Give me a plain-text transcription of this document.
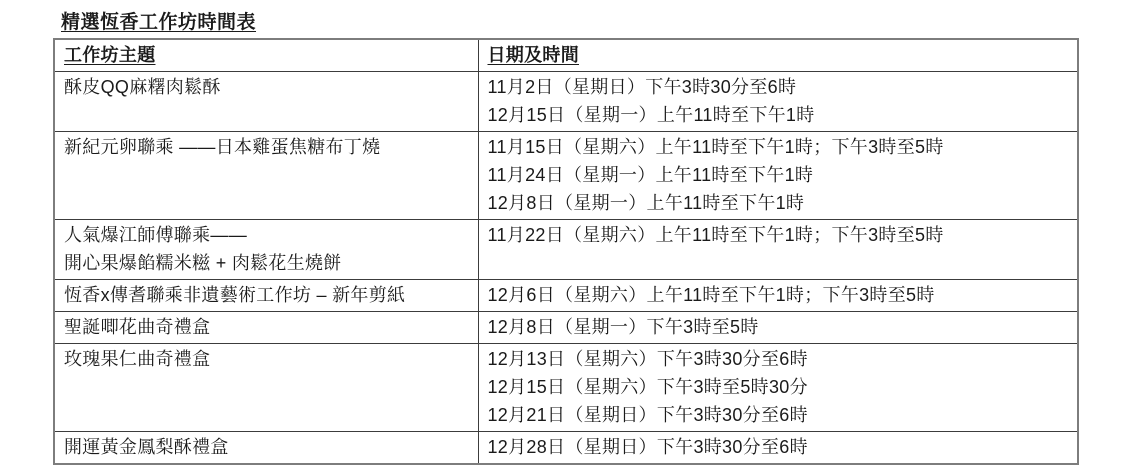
精選恆香工作坊時間表
工作坊主題	日期及時間

酥皮QQ麻糬肉鬆酥	11月2日（星期日）下午3時30分至6時
12月15日（星期一）上午11時至下午1時

新紀元卵聯乘 ——日本雞蛋焦糖布丁燒	11月15日（星期六）上午11時至下午1時；下午3時至5時
11月24日（星期一）上午11時至下午1時
12月8日（星期一）上午11時至下午1時

人氣爆江師傅聯乘——
開心果爆餡糯米糍 + 肉鬆花生燒餅	11月22日（星期六）上午11時至下午1時；下午3時至5時

恆香x傳耆聯乘非遺藝術工作坊 – 新年剪紙	12月6日（星期六）上午11時至下午1時；下午3時至5時

聖誕唧花曲奇禮盒	12月8日（星期一）下午3時至5時

玫瑰果仁曲奇禮盒	12月13日（星期六）下午3時30分至6時
12月15日（星期六）下午3時至5時30分
12月21日（星期日）下午3時30分至6時

開運黃金鳳梨酥禮盒	12月28日（星期日）下午3時30分至6時
